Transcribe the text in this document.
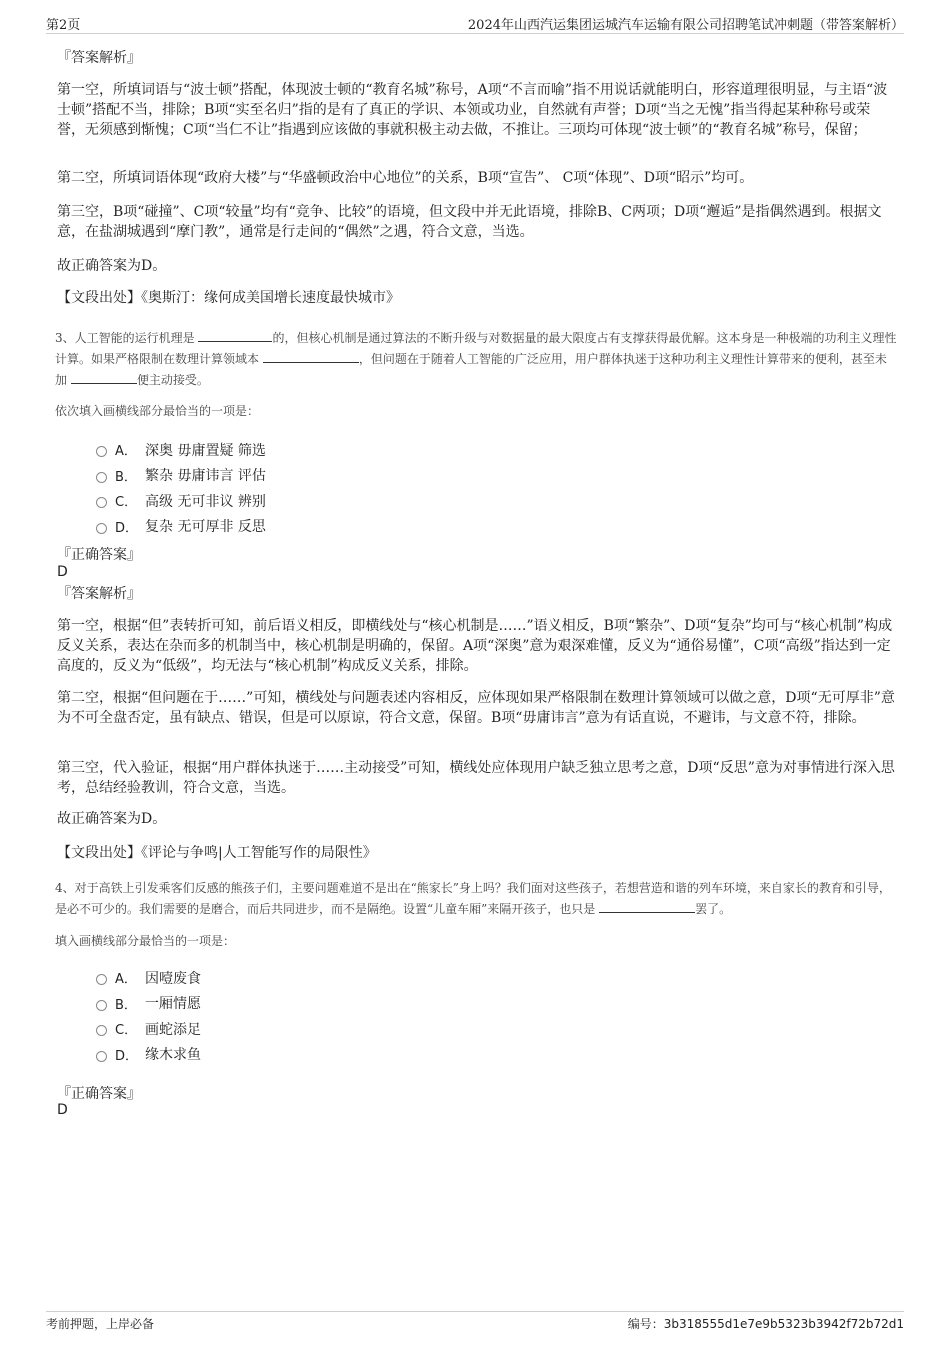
第2页	2024年山西汽运集团运城汽车运输有限公司招聘笔试冲刺题（带答案解析）

『答案解析』

第一空，所填词语与“波士顿”搭配，体现波士顿的“教育名城”称号，A项“不言而喻”指不用说话就能明白，形容道理很明显，与主语“波士顿”搭配不当，排除；B项“实至名归”指的是有了真正的学识、本领或功业，自然就有声誉；D项“当之无愧”指当得起某种称号或荣誉，无须感到惭愧；C项“当仁不让”指遇到应该做的事就积极主动去做，不推让。三项均可体现“波士顿”的“教育名城”称号，保留；

第二空，所填词语体现“政府大楼”与“华盛顿政治中心地位”的关系，B项“宣告”、 C项“体现”、D项“昭示”均可。

第三空，B项“碰撞”、C项“较量”均有“竞争、比较”的语境，但文段中并无此语境，排除B、C两项；D项“邂逅”是指偶然遇到。根据文意，在盐湖城遇到“摩门教”，通常是行走间的“偶然”之遇，符合文意，当选。

故正确答案为D。

【文段出处】《奥斯汀：缘何成美国增长速度最快城市》

3、人工智能的运行机理是	的，但核心机制是通过算法的不断升级与对数据量的最大限度占有支撑获得最优解。这本身是一种极端的功利主义理性计算。如果严格限制在数理计算领域本	，但问题在于随着人工智能的广泛应用，用户群体执迷于这种功利主义理性计算带来的便利，甚至未加	便主动接受。

依次填入画横线部分最恰当的一项是：

A． 深奥 毋庸置疑 筛选
B． 繁杂 毋庸讳言 评估
C． 高级 无可非议 辨别
D． 复杂 无可厚非 反思

『正确答案』

D

『答案解析』

第一空，根据“但”表转折可知，前后语义相反，即横线处与“核心机制是……”语义相反，B项“繁杂”、D项“复杂”均可与“核心机制”构成反义关系，表达在杂而多的机制当中，核心机制是明确的，保留。A项“深奥”意为艰深难懂，反义为“通俗易懂”，C项“高级”指达到一定高度的，反义为“低级”，均无法与“核心机制”构成反义关系，排除。

第二空，根据“但问题在于……”可知，横线处与问题表述内容相反，应体现如果严格限制在数理计算领域可以做之意，D项“无可厚非”意为不可全盘否定，虽有缺点、错误，但是可以原谅，符合文意，保留。B项“毋庸讳言”意为有话直说，不避讳，与文意不符，排除。

第三空，代入验证，根据“用户群体执迷于……主动接受”可知，横线处应体现用户缺乏独立思考之意，D项“反思”意为对事情进行深入思考，总结经验教训，符合文意，当选。

故正确答案为D。

【文段出处】《评论与争鸣|人工智能写作的局限性》

4、对于高铁上引发乘客们反感的熊孩子们，主要问题难道不是出在“熊家长”身上吗？我们面对这些孩子，若想营造和谐的列车环境，来自家长的教育和引导，是必不可少的。我们需要的是磨合，而后共同进步，而不是隔绝。设置“儿童车厢”来隔开孩子，也只是	罢了。

填入画横线部分最恰当的一项是：

A． 因噎废食
B． 一厢情愿
C． 画蛇添足
D． 缘木求鱼

『正确答案』

D

考前押题，上岸必备	编号：3b318555d1e7e9b5323b3942f72b72d1
